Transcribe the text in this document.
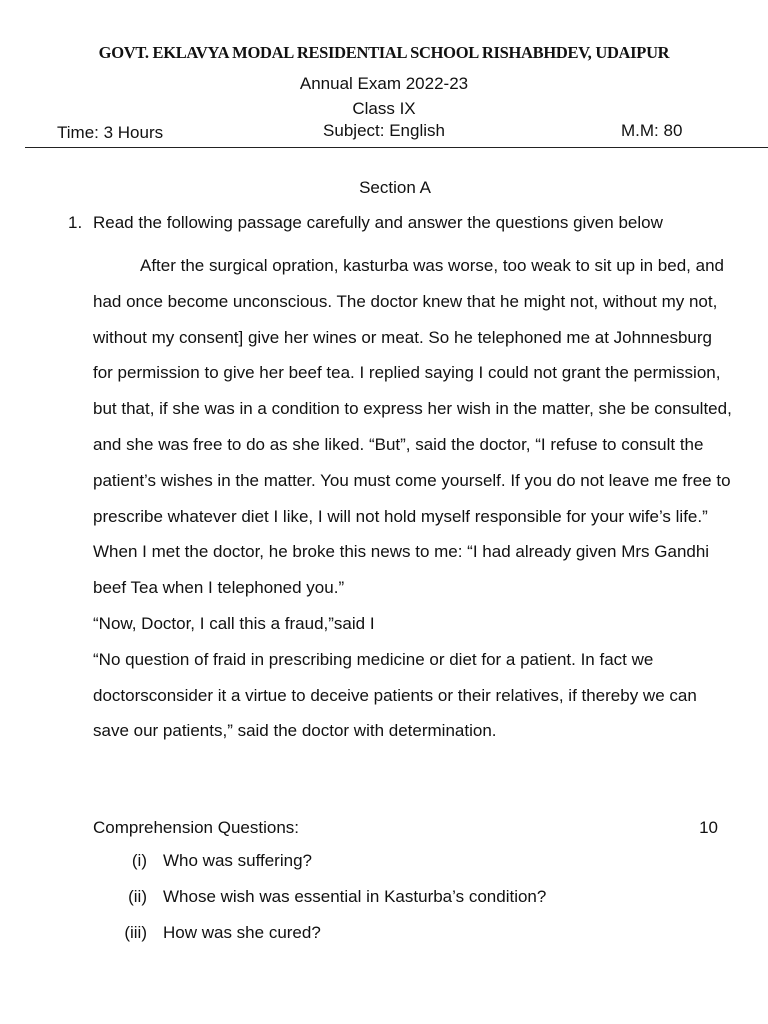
GOVT. EKLAVYA MODAL RESIDENTIAL SCHOOL RISHABHDEV, UDAIPUR
Annual Exam 2022-23
Class IX
Time: 3 Hours	Subject: English	M.M: 80
Section A
1. Read the following passage carefully and answer the questions given below

After the surgical opration, kasturba was worse, too weak to sit up in bed, and had once become unconscious. The doctor knew that he might not, without my not, without my consent] give her wines or meat. So he telephoned me at Johnnesburg for permission to give her beef tea. I replied saying I could not grant the permission, but that, if she was in a condition to express her wish in the matter, she be consulted, and she was free to do as she liked. “But”, said the doctor, “I refuse to consult the patient’s wishes in the matter. You must come yourself. If you do not leave me free to prescribe whatever diet I like, I will not hold myself responsible for your wife’s life.”

When I met the doctor, he broke this news to me: “I had already given Mrs Gandhi beef Tea when I telephoned you.”

“Now, Doctor, I call this a fraud,”said I

“No question of fraid in prescribing medicine or diet for a patient. In fact we doctorsconsider it a virtue to deceive patients or their relatives, if thereby we can save our patients,” said the doctor with determination.

Comprehension Questions:	10
(i) Who was suffering?
(ii) Whose wish was essential in Kasturba’s condition?
(iii) How was she cured?
